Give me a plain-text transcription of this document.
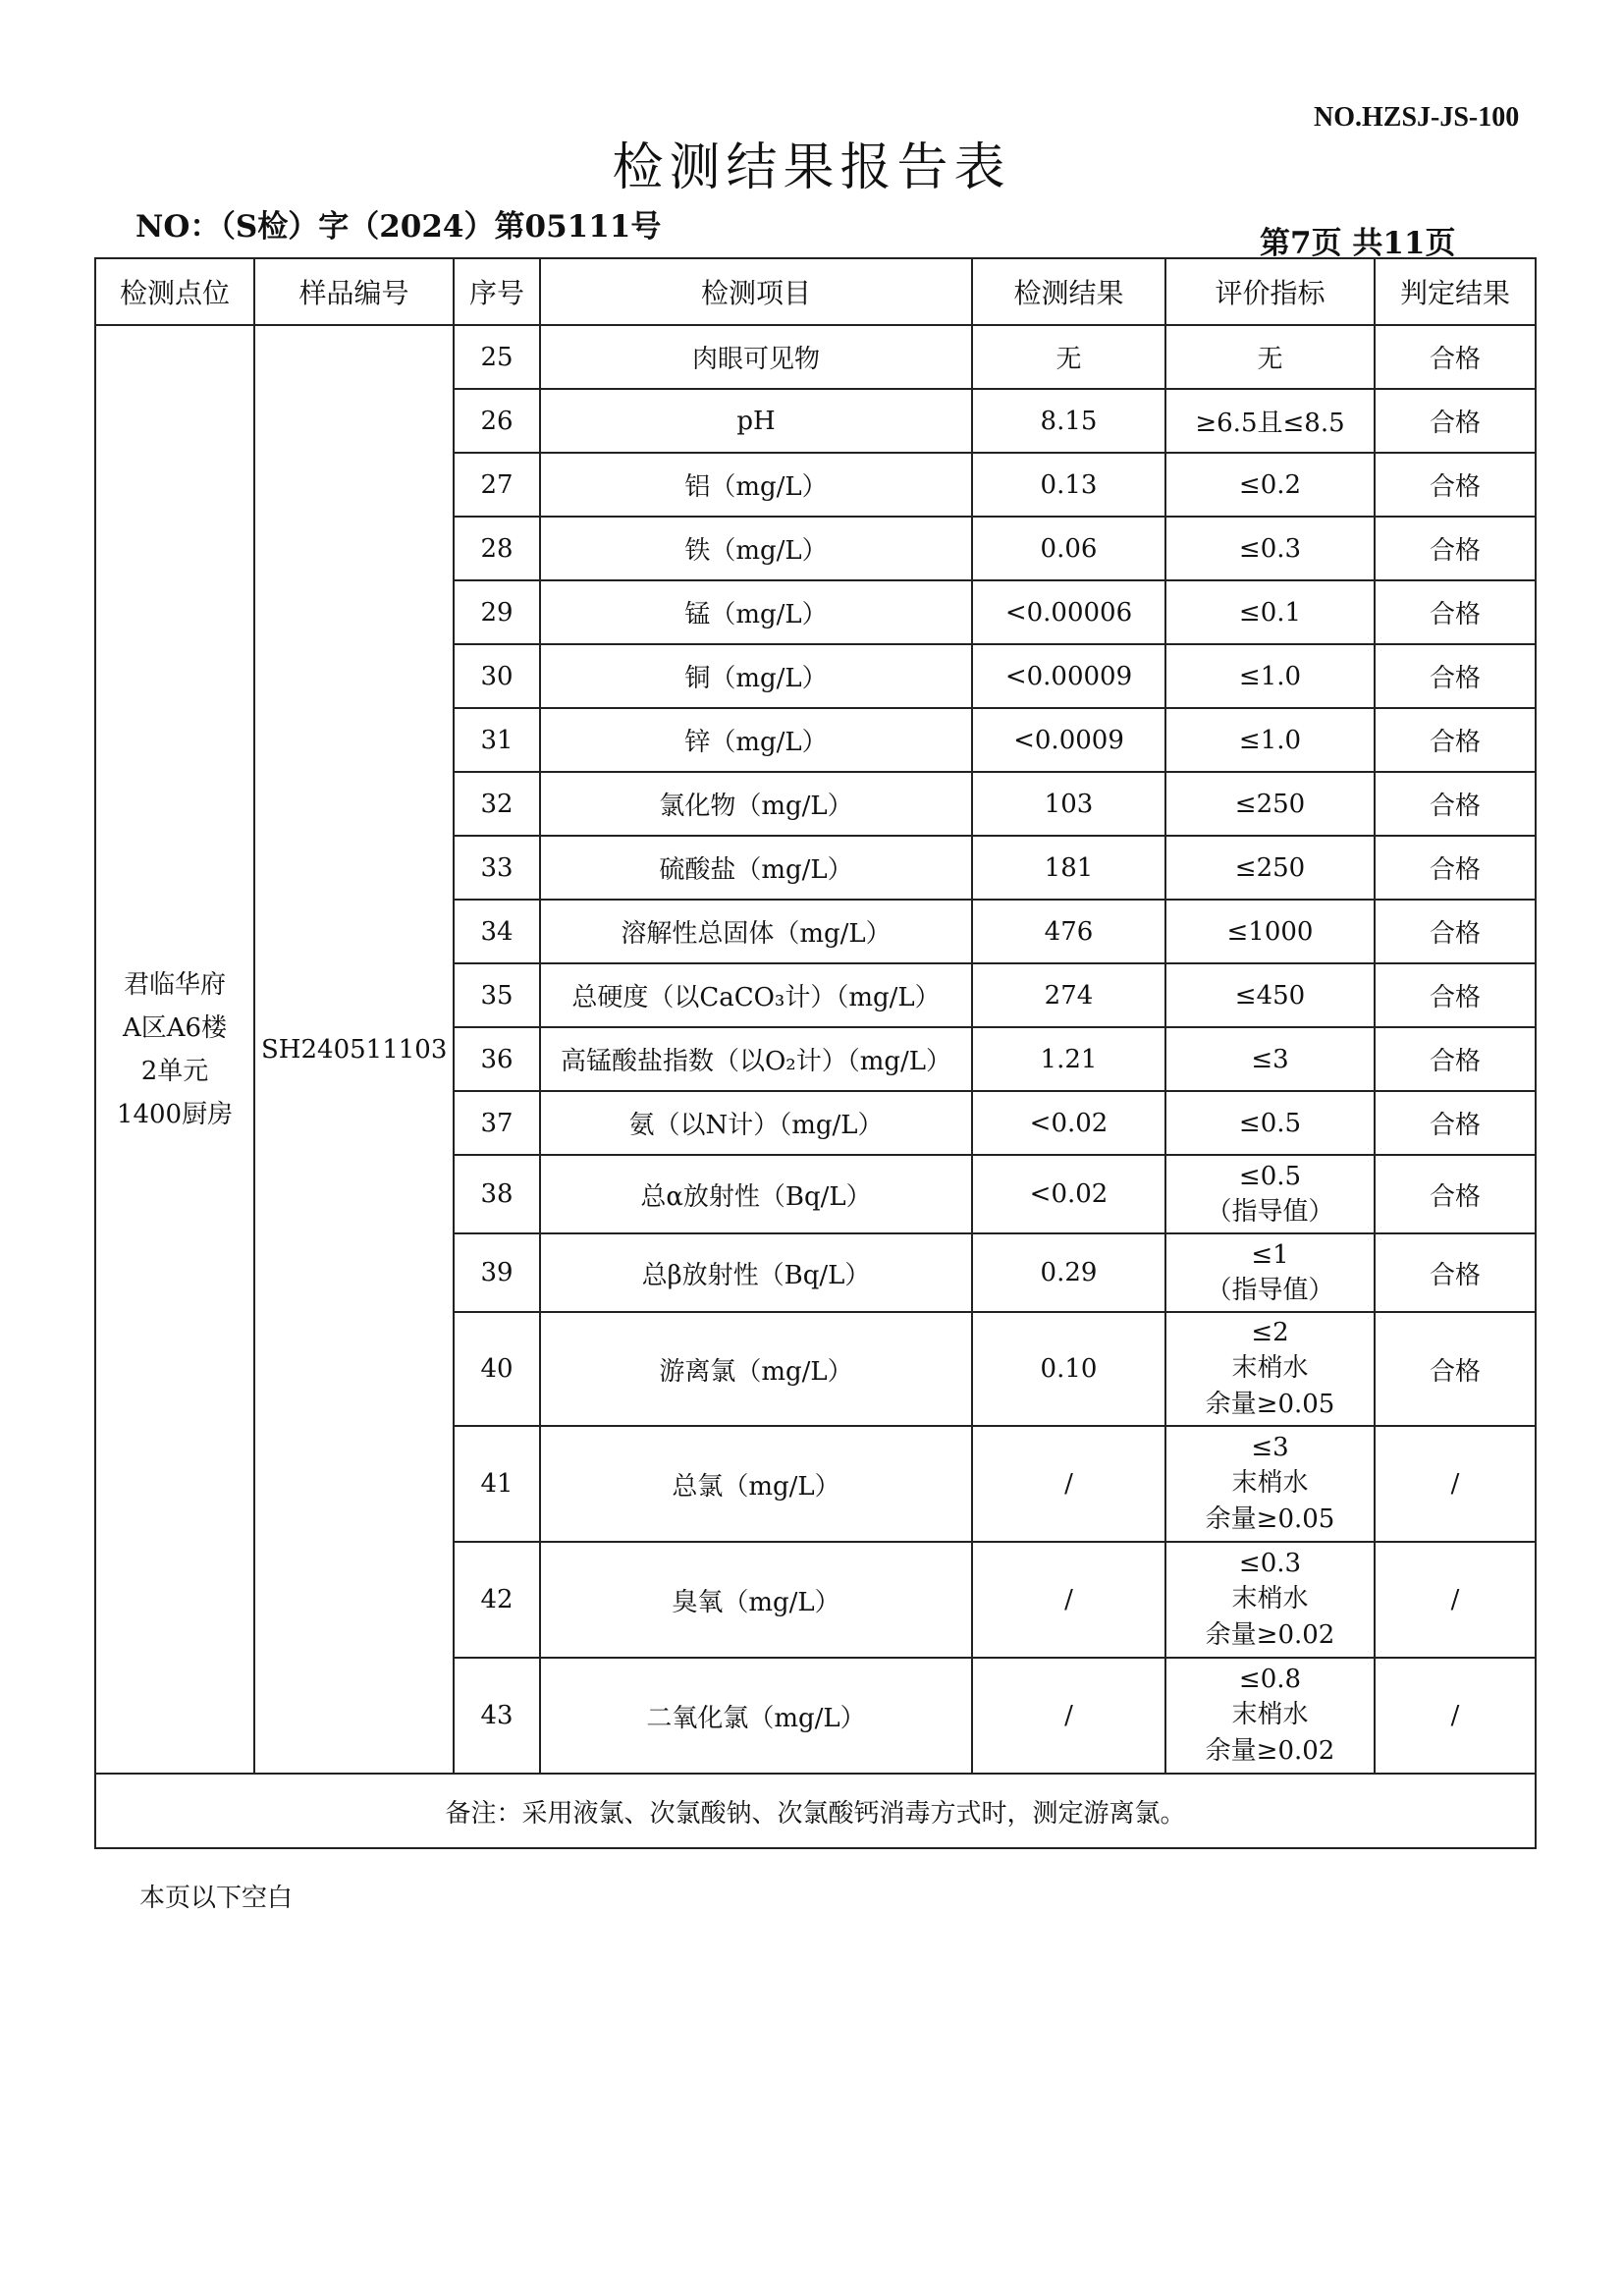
NO.HZSJ-JS-100
检测结果报告表
NO：（S检）字（2024）第05111号	第7页 共11页
检测点位	样品编号	序号	检测项目	检测结果	评价指标	判定结果

君临华府
A区A6楼
2单元
1400厨房	SH240511103	25	肉眼可见物	无	无	合格
		26	pH	8.15	≥6.5且≤8.5	合格
		27	铝（mg/L）	0.13	≤0.2	合格
		28	铁（mg/L）	0.06	≤0.3	合格
		29	锰（mg/L）	<0.00006	≤0.1	合格
		30	铜（mg/L）	<0.00009	≤1.0	合格
		31	锌（mg/L）	<0.0009	≤1.0	合格
		32	氯化物（mg/L）	103	≤250	合格
		33	硫酸盐（mg/L）	181	≤250	合格
		34	溶解性总固体（mg/L）	476	≤1000	合格
		35	总硬度（以CaCO₃计）（mg/L）	274	≤450	合格
		36	高锰酸盐指数（以O₂计）（mg/L）	1.21	≤3	合格
		37	氨（以N计）（mg/L）	<0.02	≤0.5	合格
		38	总α放射性（Bq/L）	<0.02	≤0.5
（指导值）	合格
		39	总β放射性（Bq/L）	0.29	≤1
（指导值）	合格
		40	游离氯（mg/L）	0.10	≤2
末梢水
余量≥0.05	合格
		41	总氯（mg/L）	/	≤3
末梢水
余量≥0.05	/
		42	臭氧（mg/L）	/	≤0.3
末梢水
余量≥0.02	/
		43	二氧化氯（mg/L）	/	≤0.8
末梢水
余量≥0.02	/
备注：采用液氯、次氯酸钠、次氯酸钙消毒方式时，测定游离氯。						
本页以下空白
